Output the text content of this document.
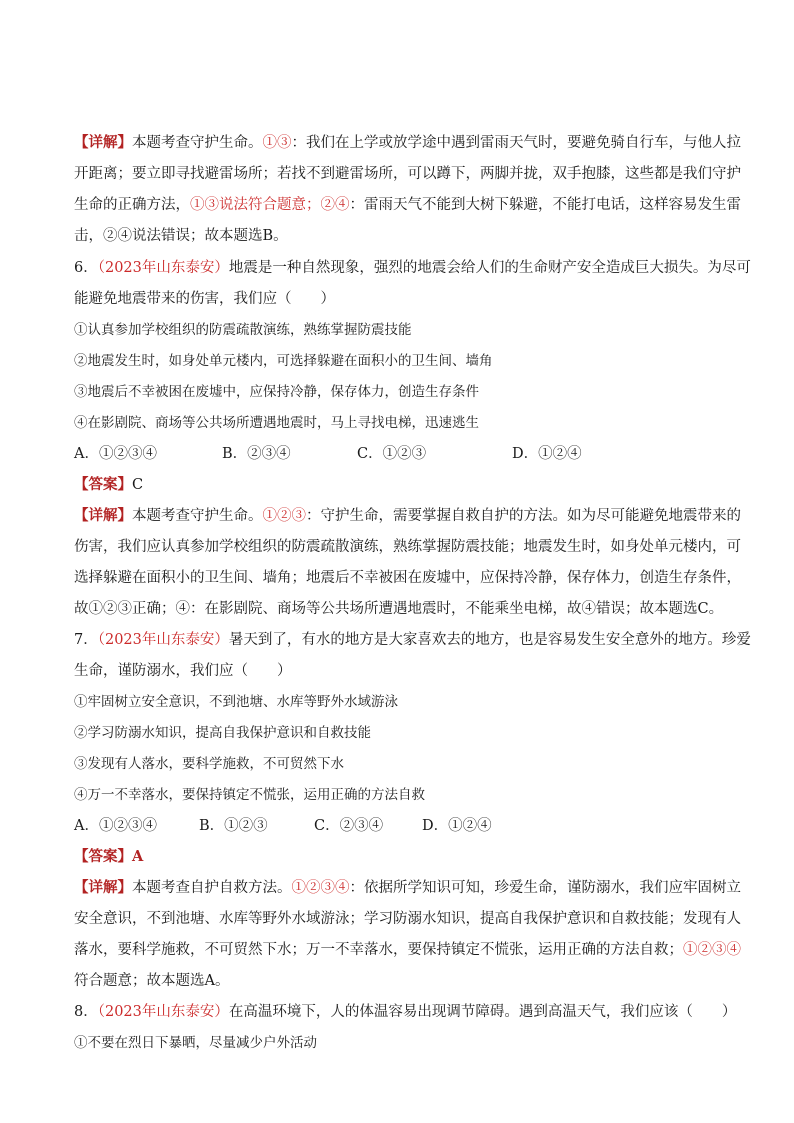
【详解】本题考查守护生命。①③：我们在上学或放学途中遇到雷雨天气时，要避免骑自行车，与他人拉
开距离；要立即寻找避雷场所；若找不到避雷场所，可以蹲下，两脚并拢，双手抱膝，这些都是我们守护
生命的正确方法，①③说法符合题意；②④：雷雨天气不能到大树下躲避，不能打电话，这样容易发生雷
击，②④说法错误；故本题选B。
6．（2023年山东泰安）地震是一种自然现象，强烈的地震会给人们的生命财产安全造成巨大损失。为尽可
能避免地震带来的伤害，我们应（　　）
①认真参加学校组织的防震疏散演练，熟练掌握防震技能
②地震发生时，如身处单元楼内，可选择躲避在面积小的卫生间、墙角
③地震后不幸被困在废墟中，应保持冷静，保存体力，创造生存条件
④在影剧院、商场等公共场所遭遇地震时，马上寻找电梯，迅速逃生
A．①②③④	B．②③④	C．①②③	D．①②④
【答案】C
【详解】本题考查守护生命。①②③：守护生命，需要掌握自救自护的方法。如为尽可能避免地震带来的
伤害，我们应认真参加学校组织的防震疏散演练，熟练掌握防震技能；地震发生时，如身处单元楼内，可
选择躲避在面积小的卫生间、墙角；地震后不幸被困在废墟中，应保持冷静，保存体力，创造生存条件，
故①②③正确；④：在影剧院、商场等公共场所遭遇地震时，不能乘坐电梯，故④错误；故本题选C。
7．（2023年山东泰安）暑天到了，有水的地方是大家喜欢去的地方，也是容易发生安全意外的地方。珍爱
生命，谨防溺水，我们应（　　）
①牢固树立安全意识，不到池塘、水库等野外水域游泳
②学习防溺水知识，提高自我保护意识和自救技能
③发现有人落水，要科学施救，不可贸然下水
④万一不幸落水，要保持镇定不慌张，运用正确的方法自救
A．①②③④	B．①②③	C．②③④	D．①②④
【答案】A
【详解】本题考查自护自救方法。①②③④：依据所学知识可知，珍爱生命，谨防溺水，我们应牢固树立
安全意识，不到池塘、水库等野外水域游泳；学习防溺水知识，提高自我保护意识和自救技能；发现有人
落水，要科学施救，不可贸然下水；万一不幸落水，要保持镇定不慌张，运用正确的方法自救；①②③④
符合题意；故本题选A。
8．（2023年山东泰安）在高温环境下，人的体温容易出现调节障碍。遇到高温天气，我们应该（　　）
①不要在烈日下暴晒，尽量减少户外活动
